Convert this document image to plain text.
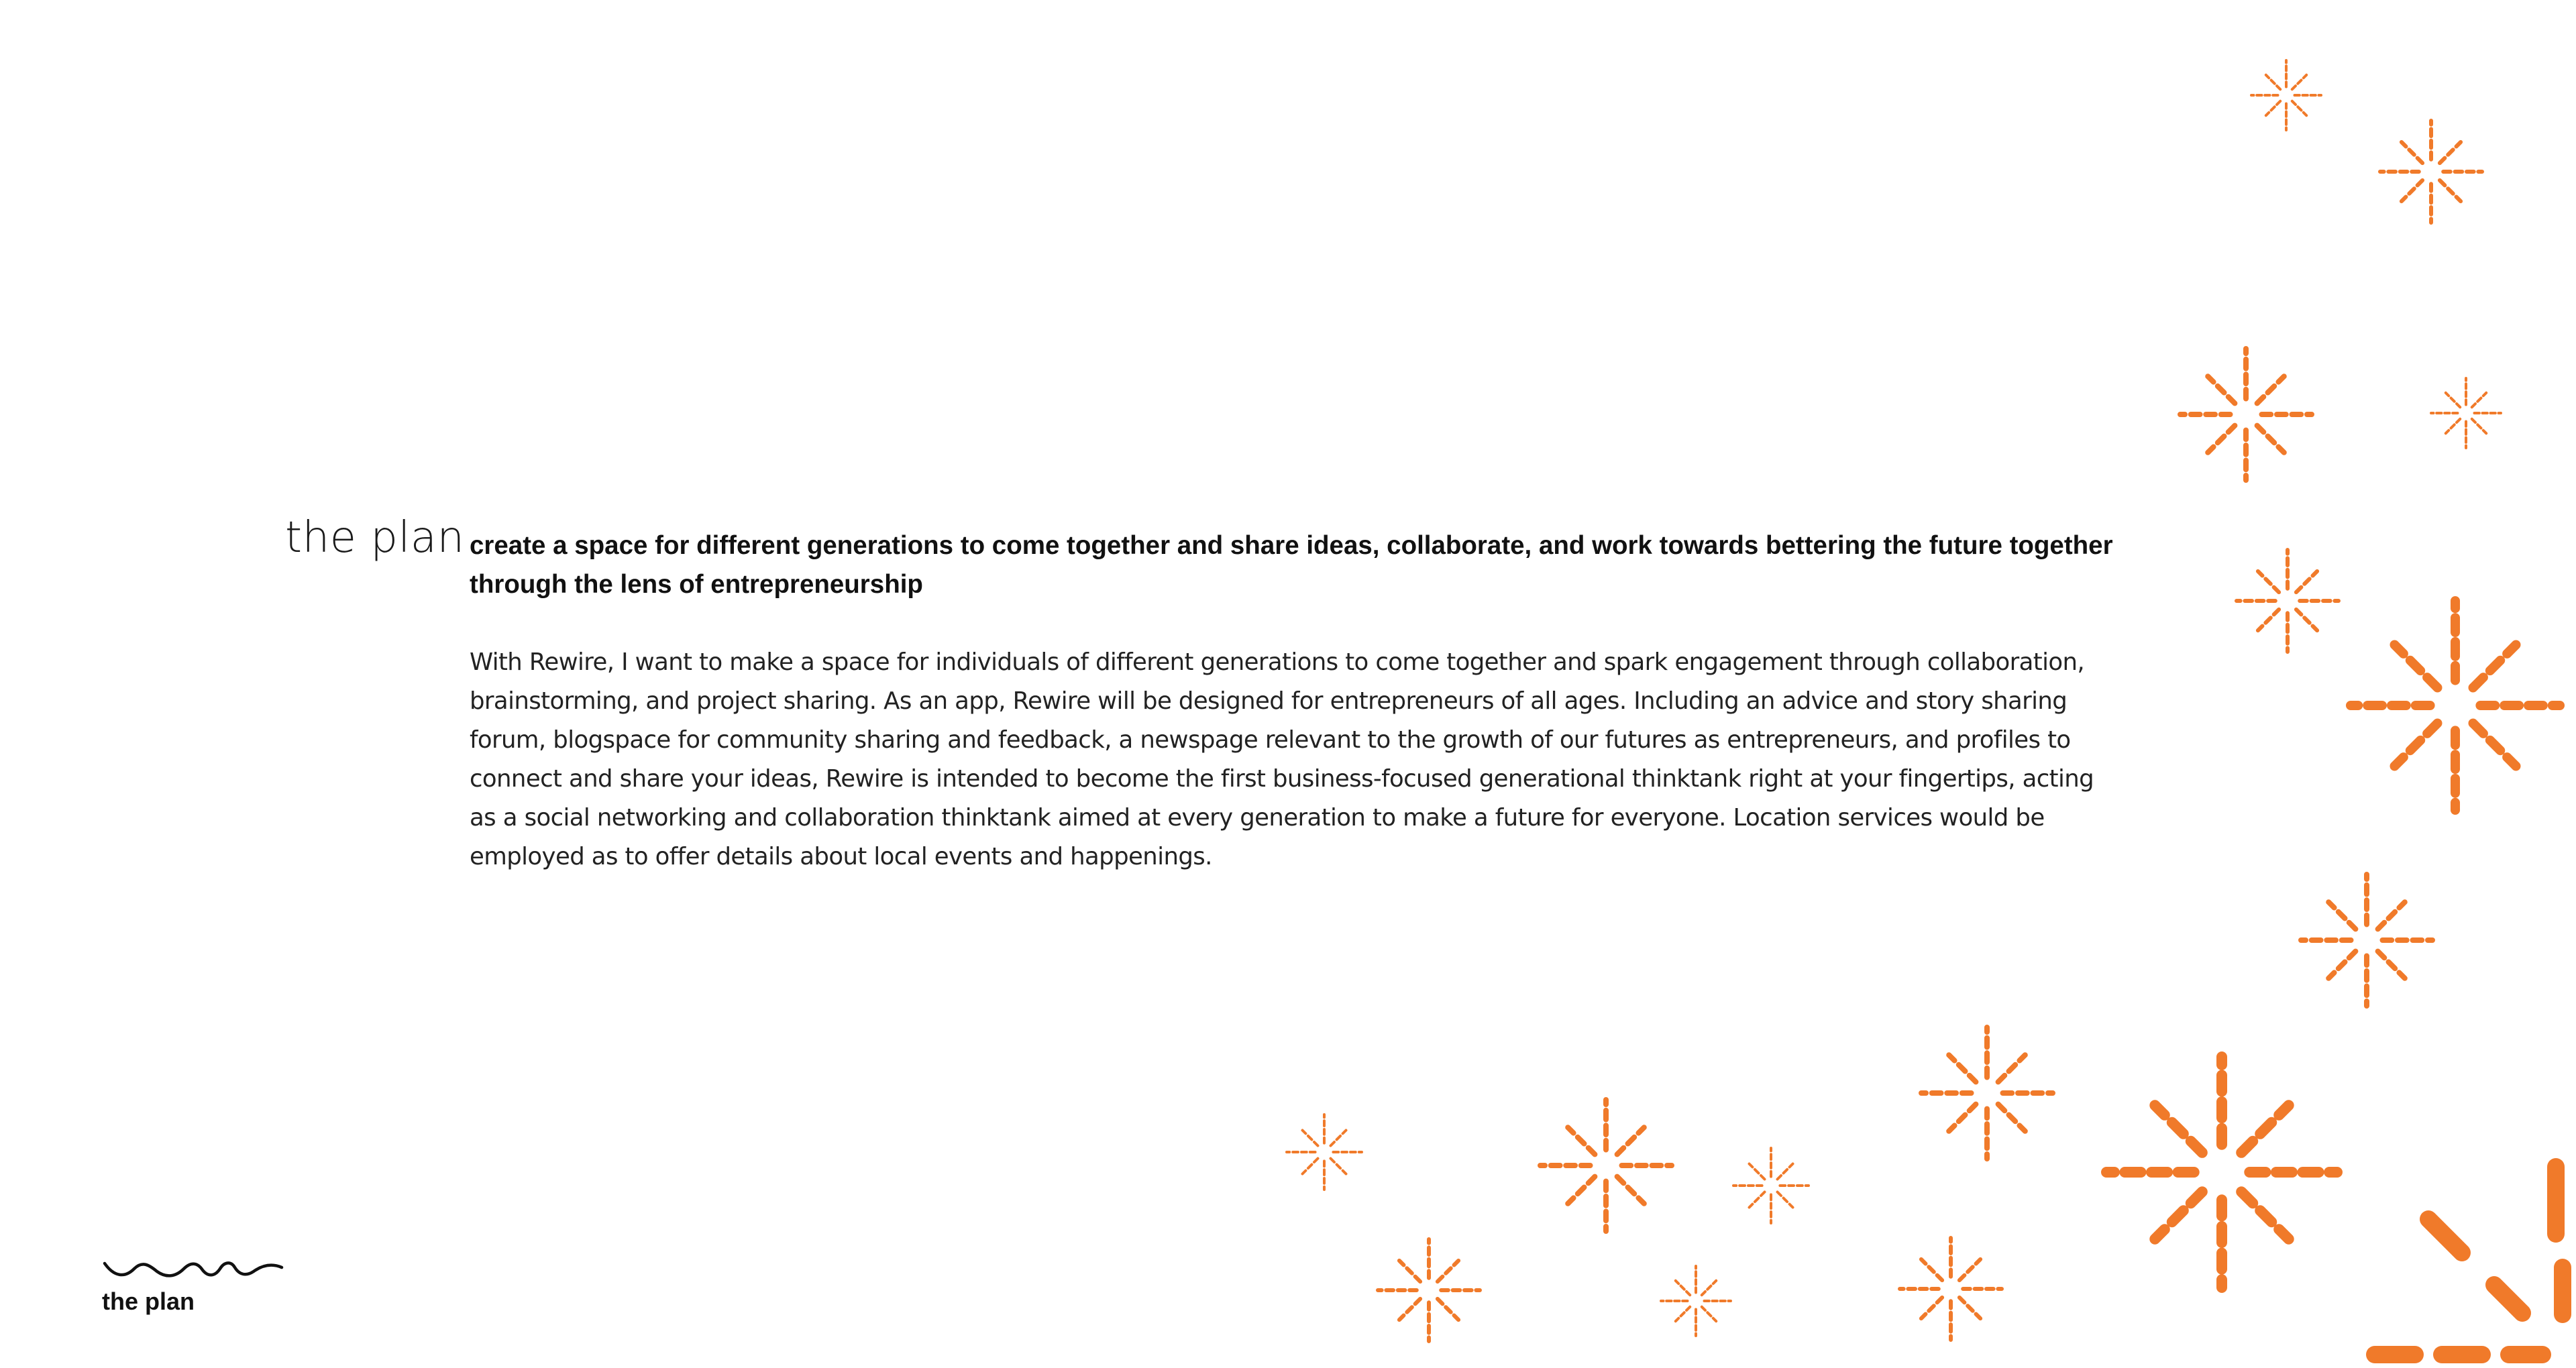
the plan create a space for different generations to come together and share ideas, collaborate, and work towards bettering the future together through the lens of entrepreneurship

With Rewire, I want to make a space for individuals of different generations to come together and spark engagement through collaboration, brainstorming, and project sharing. As an app, Rewire will be designed for entrepreneurs of all ages. Including an advice and story sharing forum, blogspace for community sharing and feedback, a newspage relevant to the growth of our futures as entrepreneurs, and profiles to connect and share your ideas, Rewire is intended to become the first business-focused generational thinktank right at your fingertips, acting as a social networking and collaboration thinktank aimed at every generation to make a future for everyone. Location services would be employed as to offer details about local events and happenings.

the plan
